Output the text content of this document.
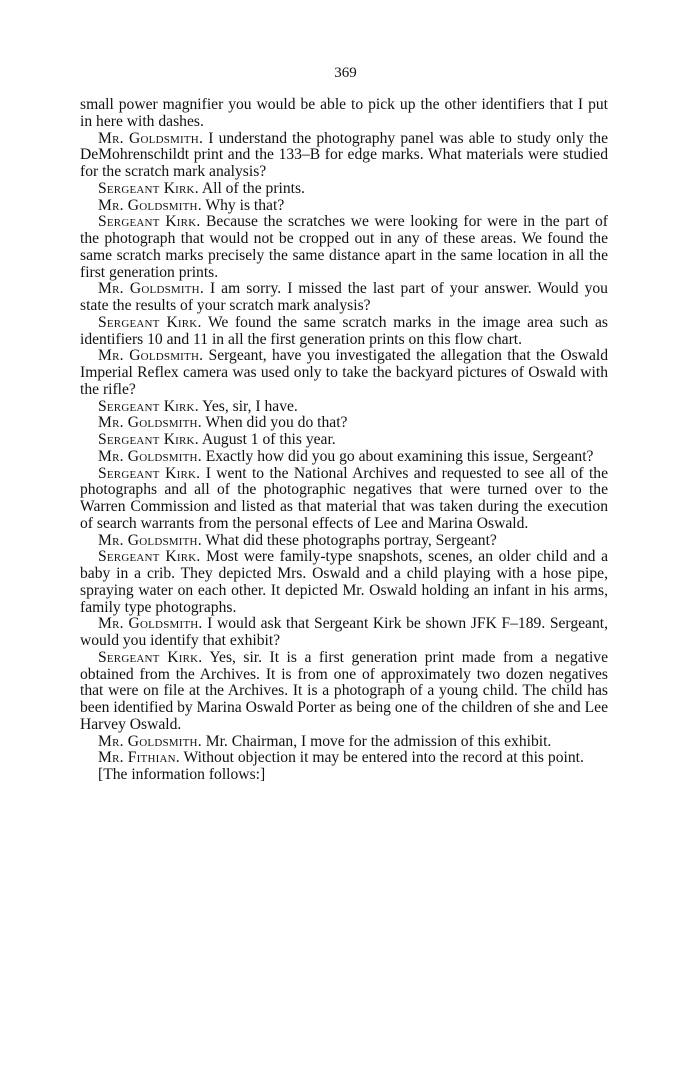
369

small power magnifier you would be able to pick up the other identifiers that I put in here with dashes.

Mr. Goldsmith. I understand the photography panel was able to study only the DeMohrenschildt print and the 133–B for edge marks. What materials were studied for the scratch mark analysis?

Sergeant Kirk. All of the prints.

Mr. Goldsmith. Why is that?

Sergeant Kirk. Because the scratches we were looking for were in the part of the photograph that would not be cropped out in any of these areas. We found the same scratch marks precisely the same distance apart in the same location in all the first generation prints.

Mr. Goldsmith. I am sorry. I missed the last part of your answer. Would you state the results of your scratch mark analysis?

Sergeant Kirk. We found the same scratch marks in the image area such as identifiers 10 and 11 in all the first generation prints on this flow chart.

Mr. Goldsmith. Sergeant, have you investigated the allegation that the Oswald Imperial Reflex camera was used only to take the backyard pictures of Oswald with the rifle?

Sergeant Kirk. Yes, sir, I have.

Mr. Goldsmith. When did you do that?

Sergeant Kirk. August 1 of this year.

Mr. Goldsmith. Exactly how did you go about examining this issue, Sergeant?

Sergeant Kirk. I went to the National Archives and requested to see all of the photographs and all of the photographic negatives that were turned over to the Warren Commission and listed as that material that was taken during the execution of search warrants from the personal effects of Lee and Marina Oswald.

Mr. Goldsmith. What did these photographs portray, Sergeant?

Sergeant Kirk. Most were family-type snapshots, scenes, an older child and a baby in a crib. They depicted Mrs. Oswald and a child playing with a hose pipe, spraying water on each other. It depicted Mr. Oswald holding an infant in his arms, family type photographs.

Mr. Goldsmith. I would ask that Sergeant Kirk be shown JFK F–189. Sergeant, would you identify that exhibit?

Sergeant Kirk. Yes, sir. It is a first generation print made from a negative obtained from the Archives. It is from one of approximately two dozen negatives that were on file at the Archives. It is a photograph of a young child. The child has been identified by Marina Oswald Porter as being one of the children of she and Lee Harvey Oswald.

Mr. Goldsmith. Mr. Chairman, I move for the admission of this exhibit.

Mr. Fithian. Without objection it may be entered into the record at this point.

[The information follows:]
